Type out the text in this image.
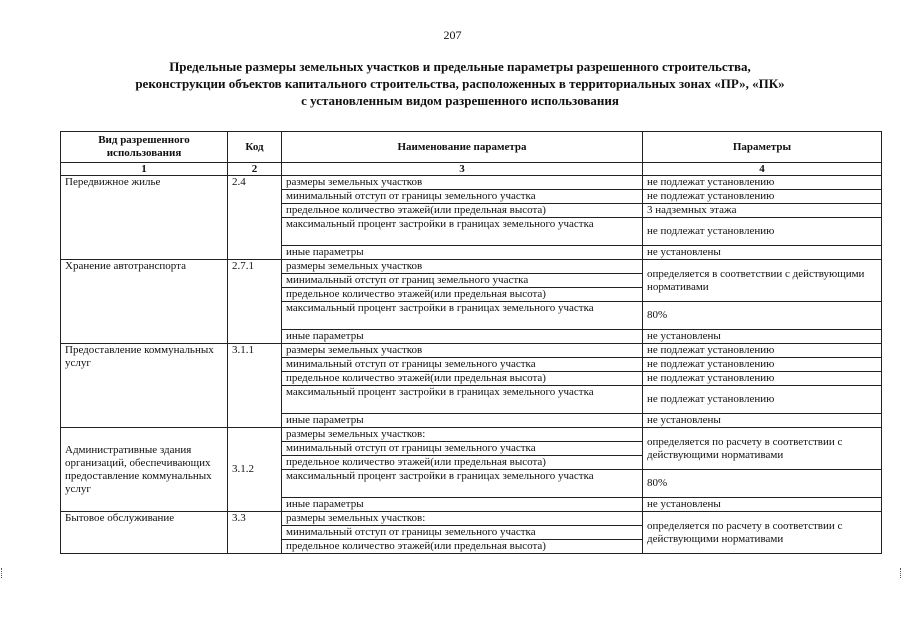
207
Предельные размеры земельных участков и предельные параметры разрешенного строительства,
реконструкции объектов капитального строительства, расположенных в территориальных зонах «ПР», «ПК»
с установленным видом разрешенного использования
Вид разрешенного использования	Код	Наименование параметра	Параметры
1	2	3	4
Передвижное жилье	2.4	размеры земельных участков	не подлежат установлению
		минимальный отступ от границы земельного участка	не подлежат установлению
		предельное количество этажей(или предельная высота)	3 надземных этажа
		максимальный процент застройки в границах земельного участка	не подлежат установлению
		иные параметры	не установлены
Хранение автотранспорта	2.7.1	размеры земельных участков	определяется в соответствии с действующими нормативами
		минимальный отступ от границ земельного участка	
		предельное количество этажей(или предельная высота)	
		максимальный процент застройки в границах земельного участка	80%
		иные параметры	не установлены
Предоставление коммунальных услуг	3.1.1	размеры земельных участков	не подлежат установлению
		минимальный отступ от границы земельного участка	не подлежат установлению
		предельное количество этажей(или предельная высота)	не подлежат установлению
		максимальный процент застройки в границах земельного участка	не подлежат установлению
		иные параметры	не установлены
Административные здания организаций, обеспечивающих предоставление коммунальных услуг	3.1.2	размеры земельных участков:	определяется по расчету в соответствии с действующими нормативами
		минимальный отступ от границы земельного участка	
		предельное количество этажей(или предельная высота)	
		максимальный процент застройки в границах земельного участка	80%
		иные параметры	не установлены
Бытовое обслуживание	3.3	размеры земельных участков:	определяется по расчету в соответствии с действующими нормативами
		минимальный отступ от границы земельного участка	
		предельное количество этажей(или предельная высота)	
